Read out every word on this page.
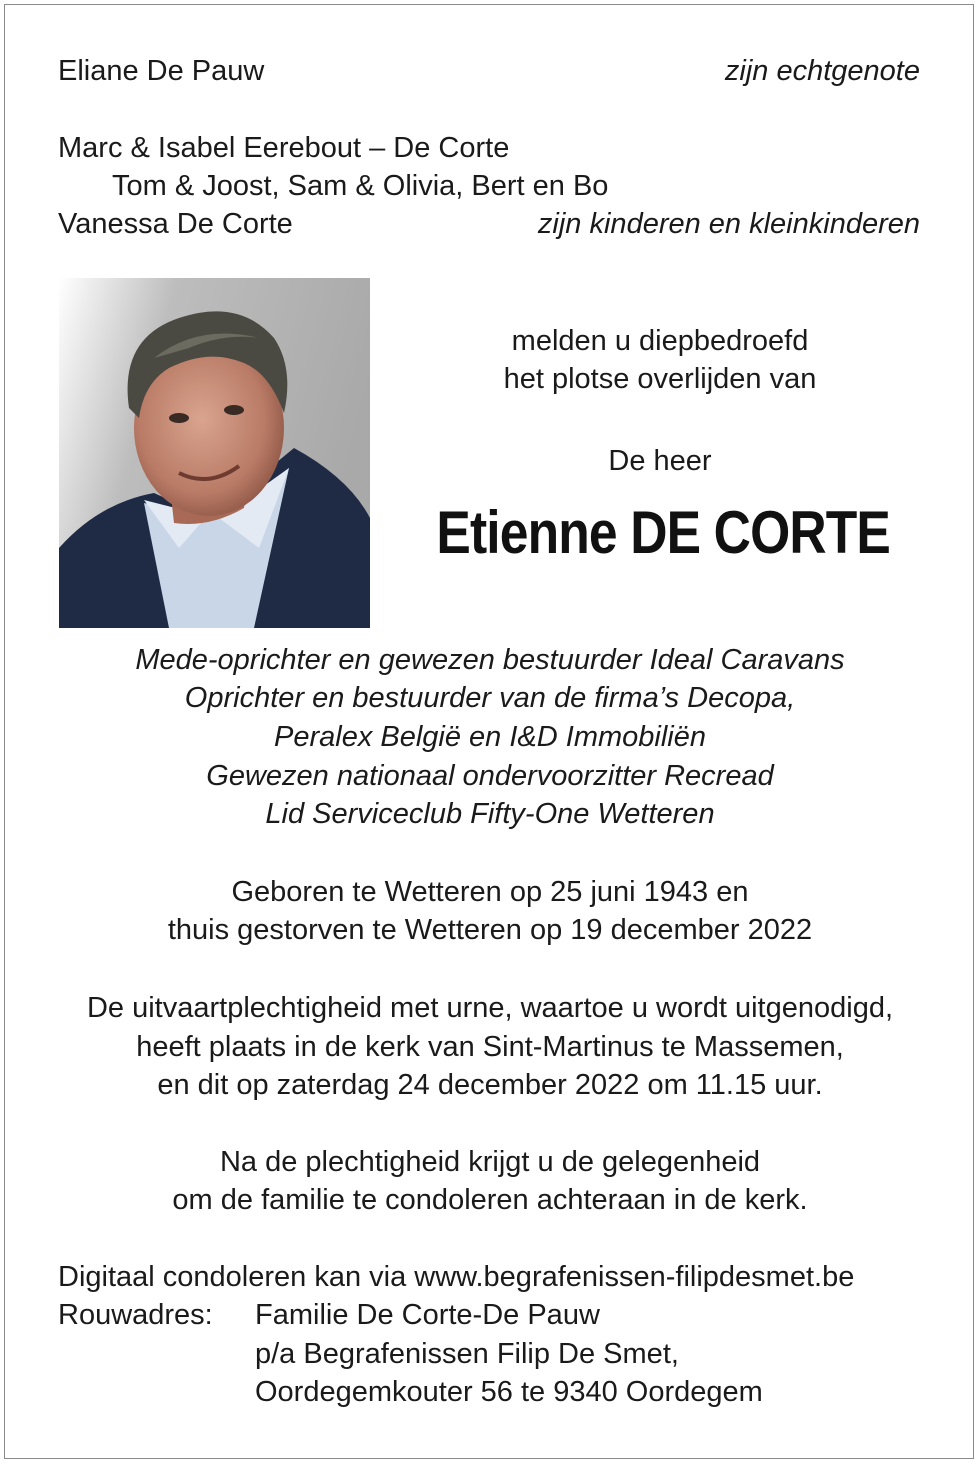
Eliane De Pauw	zijn echtgenote
Marc & Isabel Eerebout – De Corte
Tom & Joost, Sam & Olivia, Bert en Bo
Vanessa De Corte	zijn kinderen en kleinkinderen
melden u diepbedroefd
het plotse overlijden van
De heer
Etienne DE CORTE
Mede-oprichter en gewezen bestuurder Ideal Caravans
Oprichter en bestuurder van de firma’s Decopa,
Peralex België en I&D Immobiliën
Gewezen nationaal ondervoorzitter Recread
Lid Serviceclub Fifty-One Wetteren
Geboren te Wetteren op 25 juni 1943 en
thuis gestorven te Wetteren op 19 december 2022
De uitvaartplechtigheid met urne, waartoe u wordt uitgenodigd,
heeft plaats in de kerk van Sint-Martinus te Massemen,
en dit op zaterdag 24 december 2022 om 11.15 uur.
Na de plechtigheid krijgt u de gelegenheid
om de familie te condoleren achteraan in de kerk.
Digitaal condoleren kan via www.begrafenissen-filipdesmet.be
Rouwadres: Familie De Corte-De Pauw
p/a Begrafenissen Filip De Smet,
Oordegemkouter 56 te 9340 Oordegem
